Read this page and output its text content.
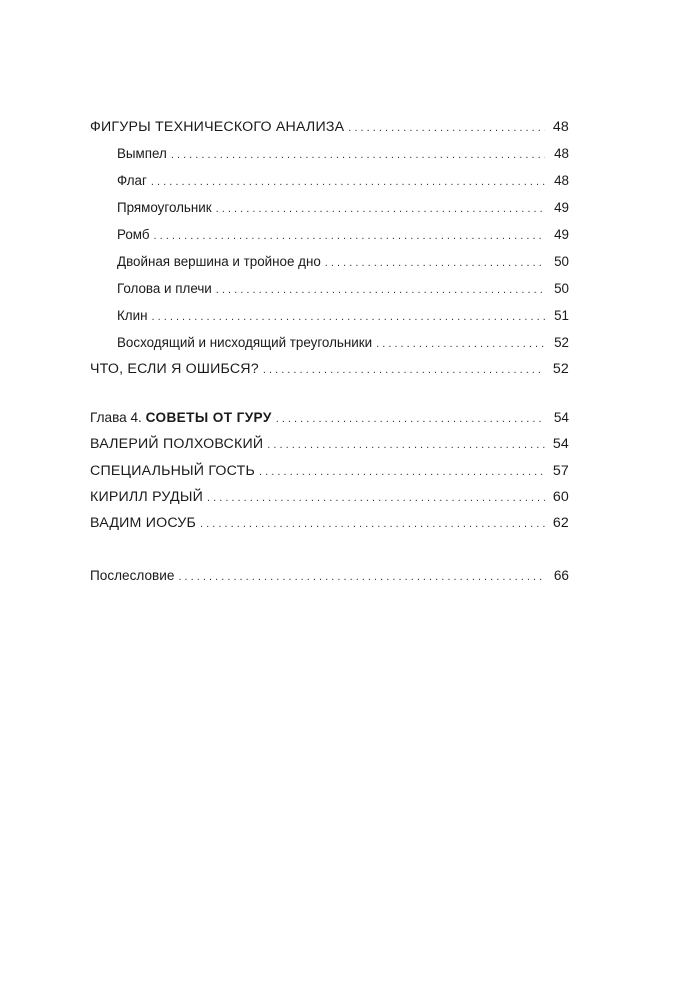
ФИГУРЫ ТЕХНИЧЕСКОГО АНАЛИЗА . . .	48
Вымпел . . .	48
Флаг . . .	48
Прямоугольник . . .	49
Ромб . . .	49
Двойная вершина и тройное дно . . .	50
Голова и плечи . . .	50
Клин . . .	51
Восходящий и нисходящий треугольники . . .	52
ЧТО, ЕСЛИ Я ОШИБСЯ? . . .	52
Глава 4. СОВЕТЫ ОТ ГУРУ . . .	54
ВАЛЕРИЙ ПОЛХОВСКИЙ . . .	54
СПЕЦИАЛЬНЫЙ ГОСТЬ . . .	57
КИРИЛЛ РУДЫЙ . . .	60
ВАДИМ ИОСУБ . . .	62
Послесловие . . .	66
